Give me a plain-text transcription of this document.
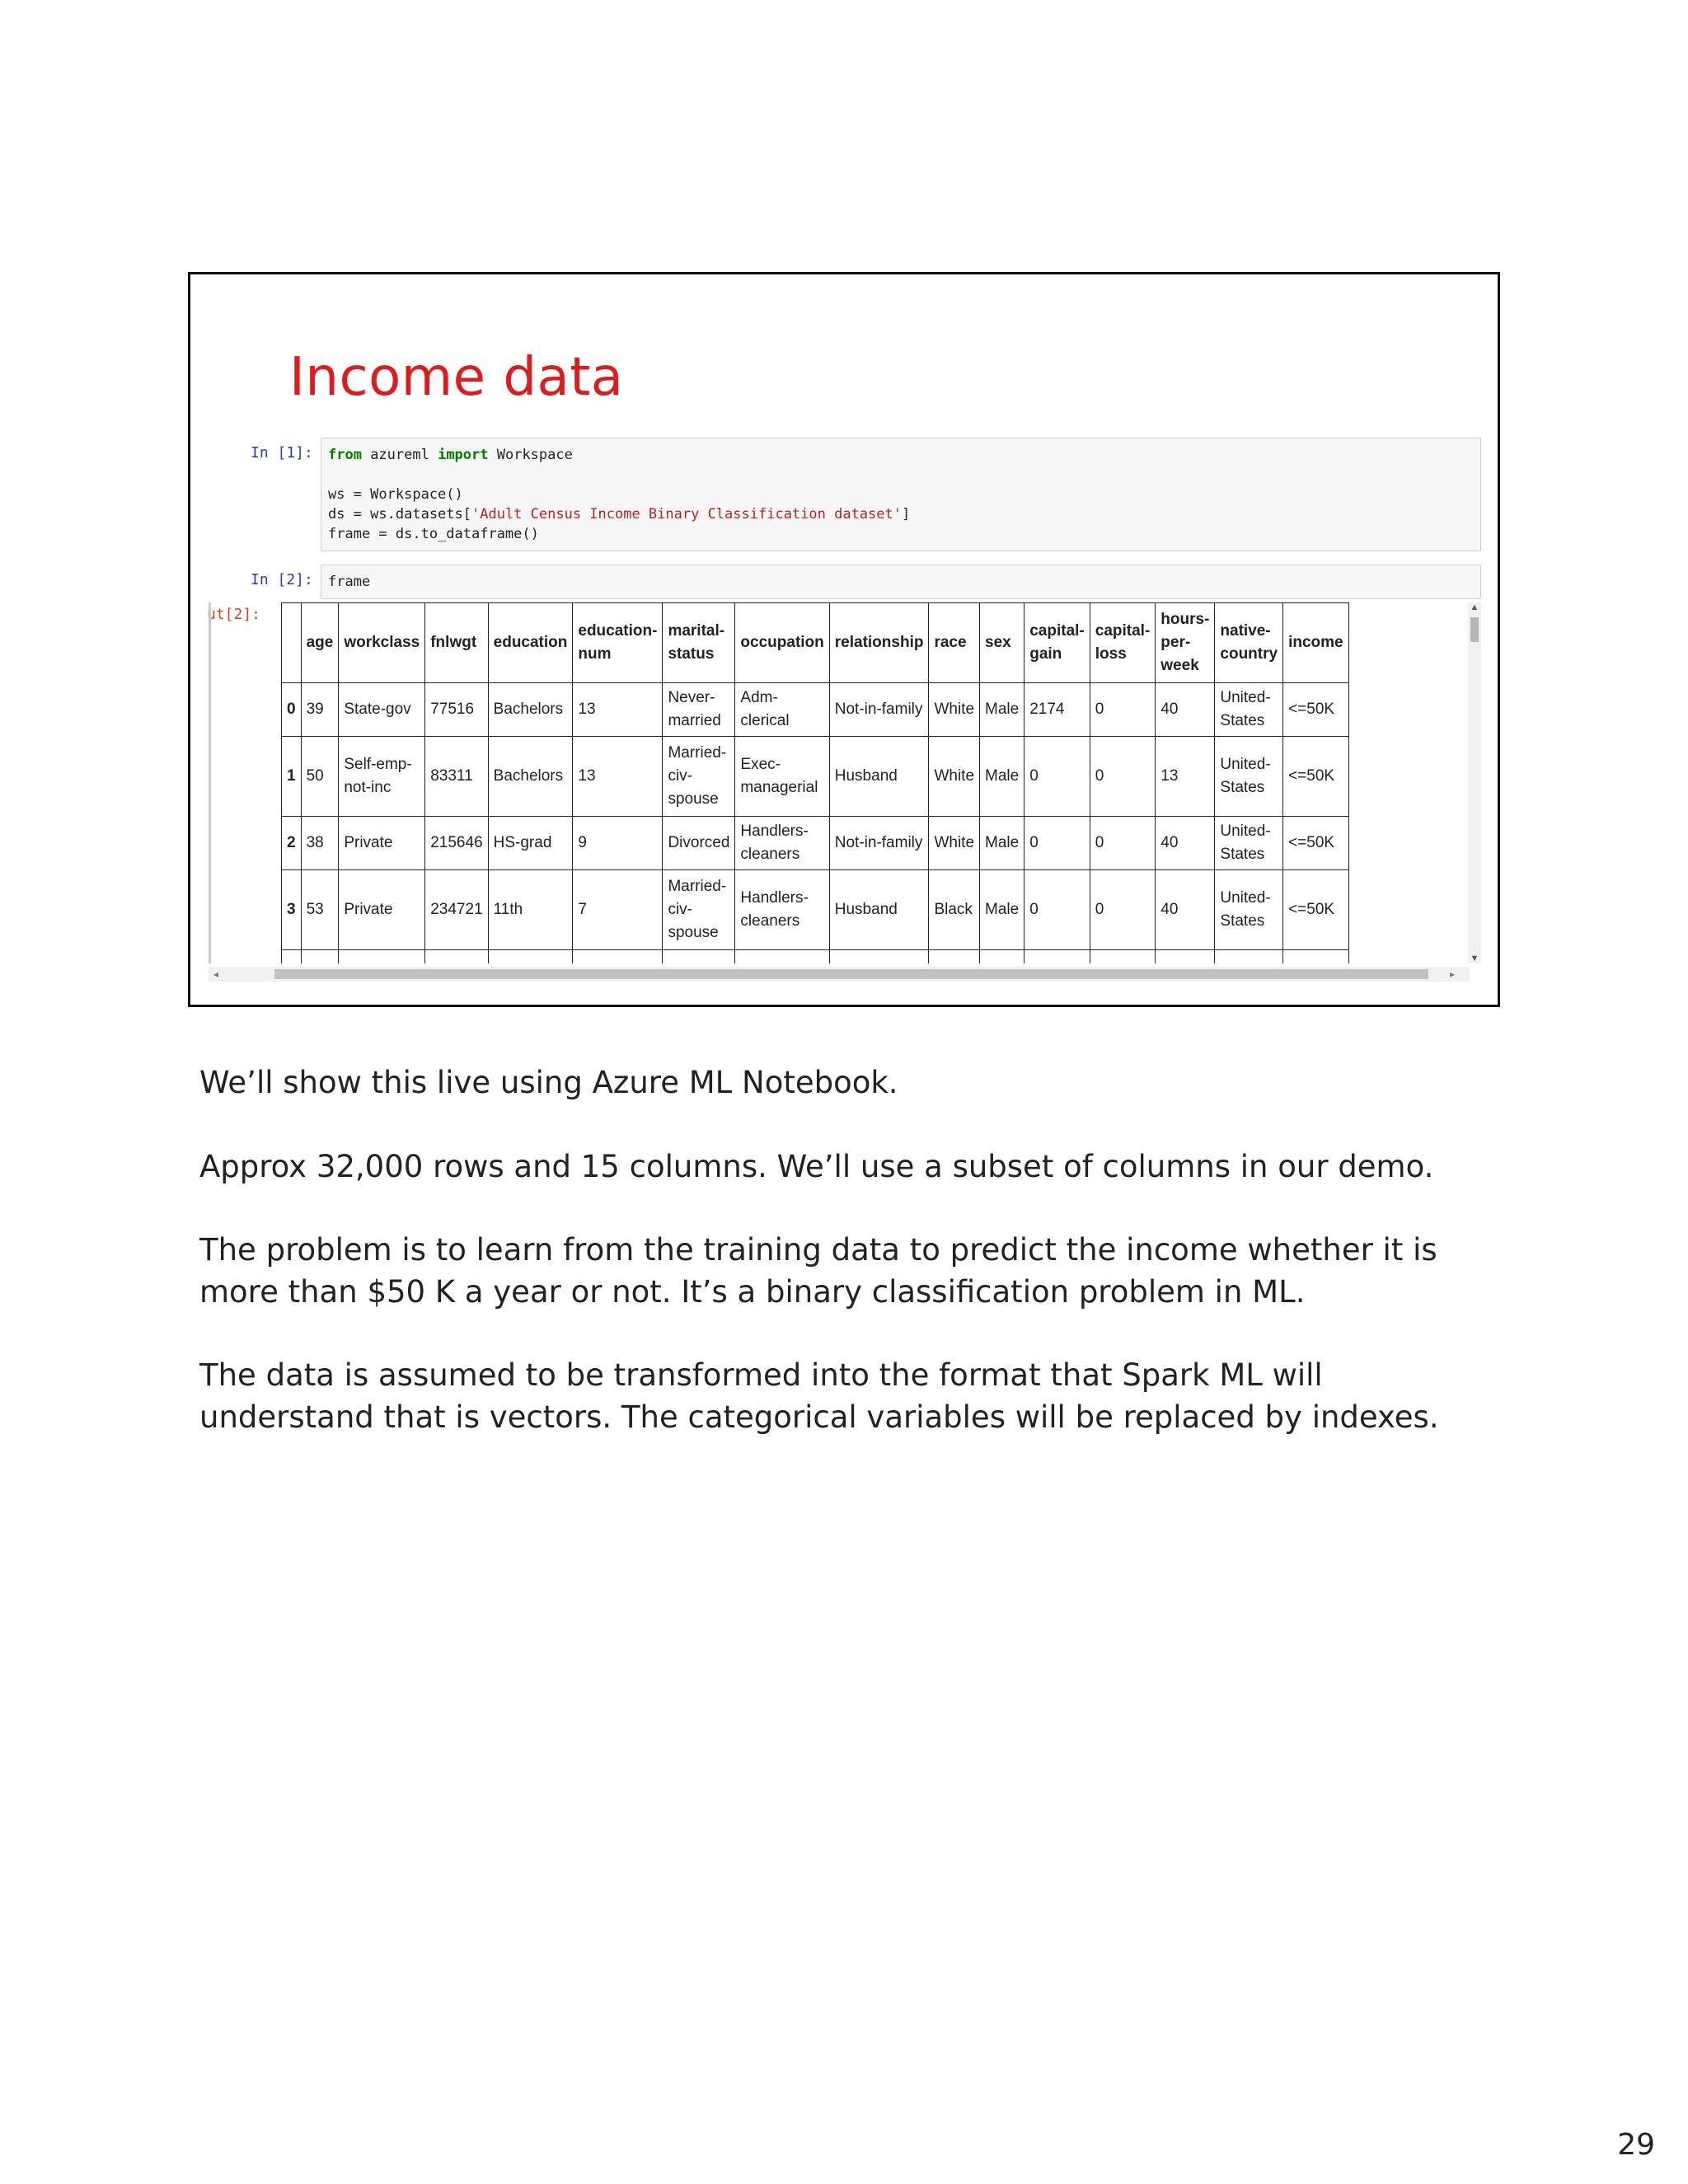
Income data
In [1]: from azureml import Workspace
ws = Workspace()
ds = ws.datasets['Adult Census Income Binary Classification dataset']
frame = ds.to_dataframe()
In [2]: frame
ut[2]:
	age	workclass	fnlwgt	education	education-
num	marital-
status	occupation	relationship	race	sex	capital-
gain	capital-
loss	hours-
per-
week	native-
country	income
0	39	State-gov	77516	Bachelors	13	Never-
married	Adm-
clerical	Not-in-family	White	Male	2174	0	40	United-
States	<=50K
1	50	Self-emp-
not-inc	83311	Bachelors	13	Married-
civ-
spouse	Exec-
managerial	Husband	White	Male	0	0	13	United-
States	<=50K
2	38	Private	215646	HS-grad	9	Divorced	Handlers-
cleaners	Not-in-family	White	Male	0	0	40	United-
States	<=50K
3	53	Private	234721	11th	7	Married-
civ-
spouse	Handlers-
cleaners	Husband	Black	Male	0	0	40	United-
States	<=50K

▲
▼
◂	▸
We’ll show this live using Azure ML Notebook.
Approx 32,000 rows and 15 columns. We’ll use a subset of columns in our demo.
The problem is to learn from the training data to predict the income whether it is more than $50 K a year or not. It’s a binary classification problem in ML.
The data is assumed to be transformed into the format that Spark ML will understand that is vectors. The categorical variables will be replaced by indexes.
29
